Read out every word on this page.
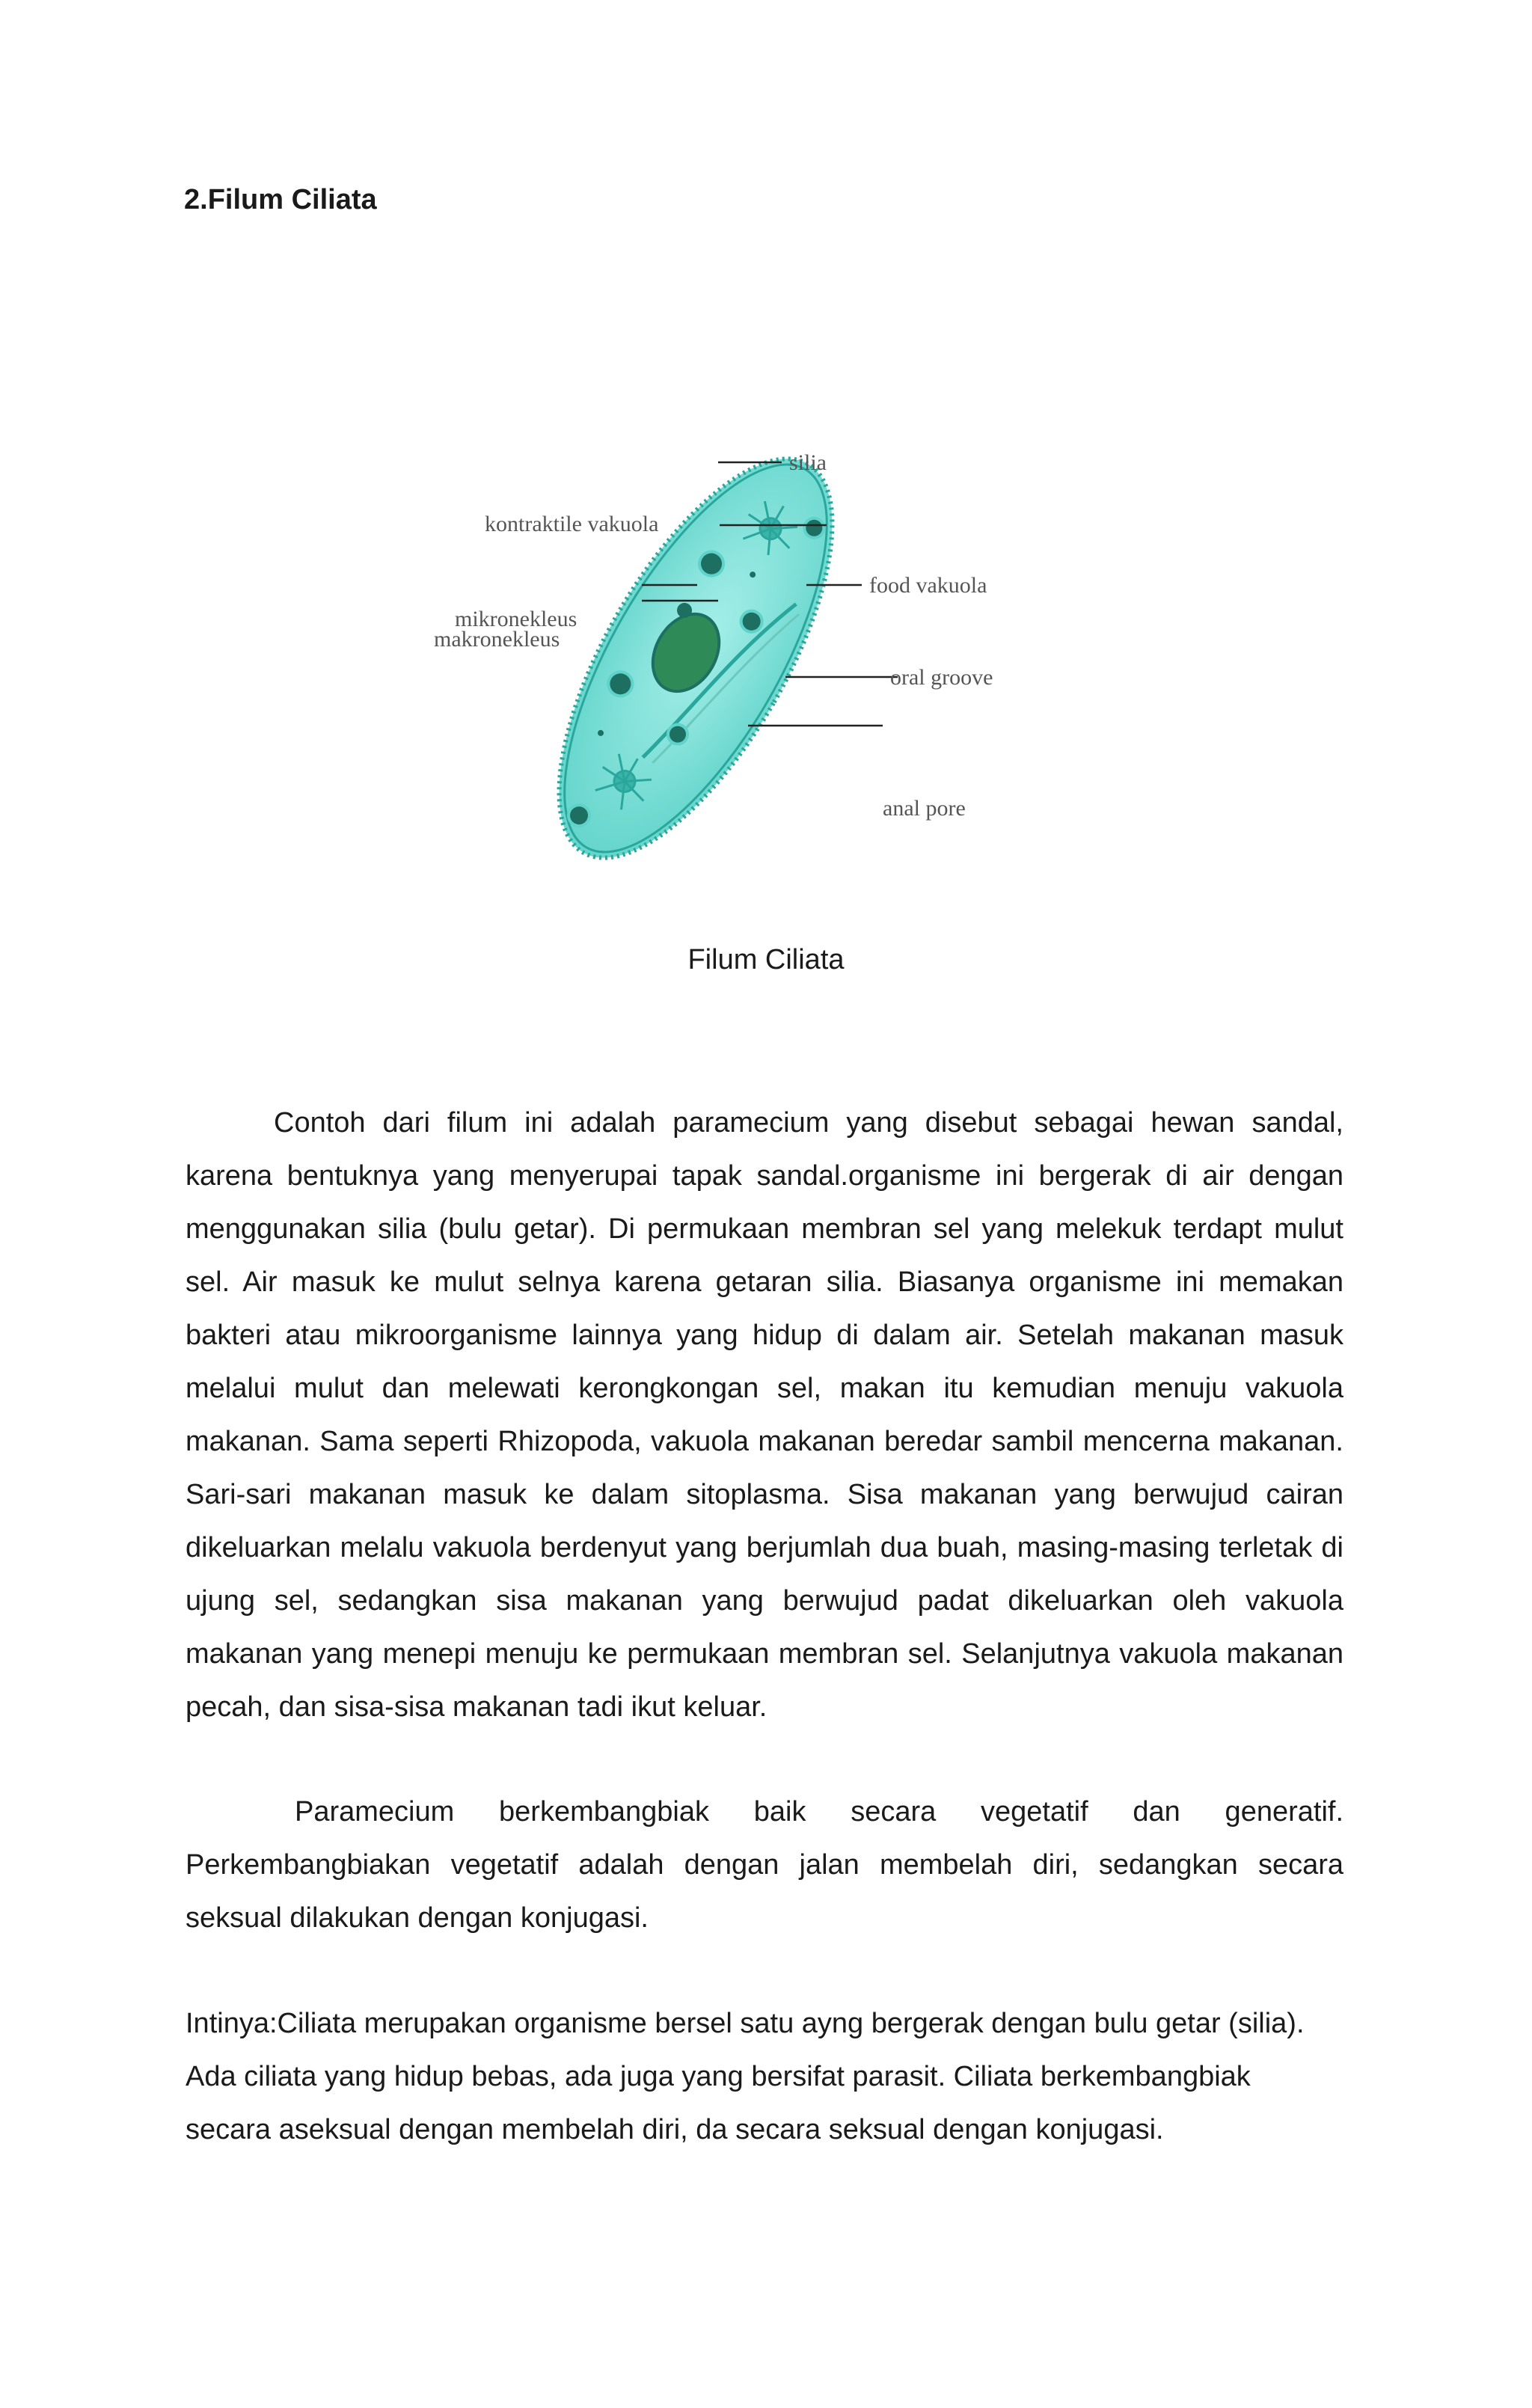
2.Filum Ciliata
silia
kontraktile vakuola
food vakuola
mikronekleus
makronekleus
oral groove
anal pore
Filum Ciliata

Contoh dari filum ini adalah paramecium yang disebut sebagai hewan sandal, karena bentuknya yang menyerupai tapak sandal.organisme ini bergerak di air dengan menggunakan silia (bulu getar). Di permukaan membran sel yang melekuk terdapt mulut sel. Air masuk ke mulut selnya karena getaran silia. Biasanya organisme ini memakan bakteri atau mikroorganisme lainnya yang hidup di dalam air. Setelah makanan masuk melalui mulut dan melewati kerongkongan sel, makan itu kemudian menuju vakuola makanan. Sama seperti Rhizopoda, vakuola makanan beredar sambil mencerna makanan. Sari-sari makanan masuk ke dalam sitoplasma. Sisa makanan yang berwujud cairan dikeluarkan melalu vakuola berdenyut yang berjumlah dua buah, masing-masing terletak di ujung sel, sedangkan sisa makanan yang berwujud padat dikeluarkan oleh vakuola makanan yang menepi menuju ke permukaan membran sel. Selanjutnya vakuola makanan pecah, dan sisa-sisa makanan tadi ikut keluar.

Paramecium berkembangbiak baik secara vegetatif dan generatif. Perkembangbiakan vegetatif adalah dengan jalan membelah diri, sedangkan secara seksual dilakukan dengan konjugasi.

Intinya:Ciliata merupakan organisme bersel satu ayng bergerak dengan bulu getar (silia). Ada ciliata yang hidup bebas, ada juga yang bersifat parasit. Ciliata berkembangbiak secara aseksual dengan membelah diri, da secara seksual dengan konjugasi.
